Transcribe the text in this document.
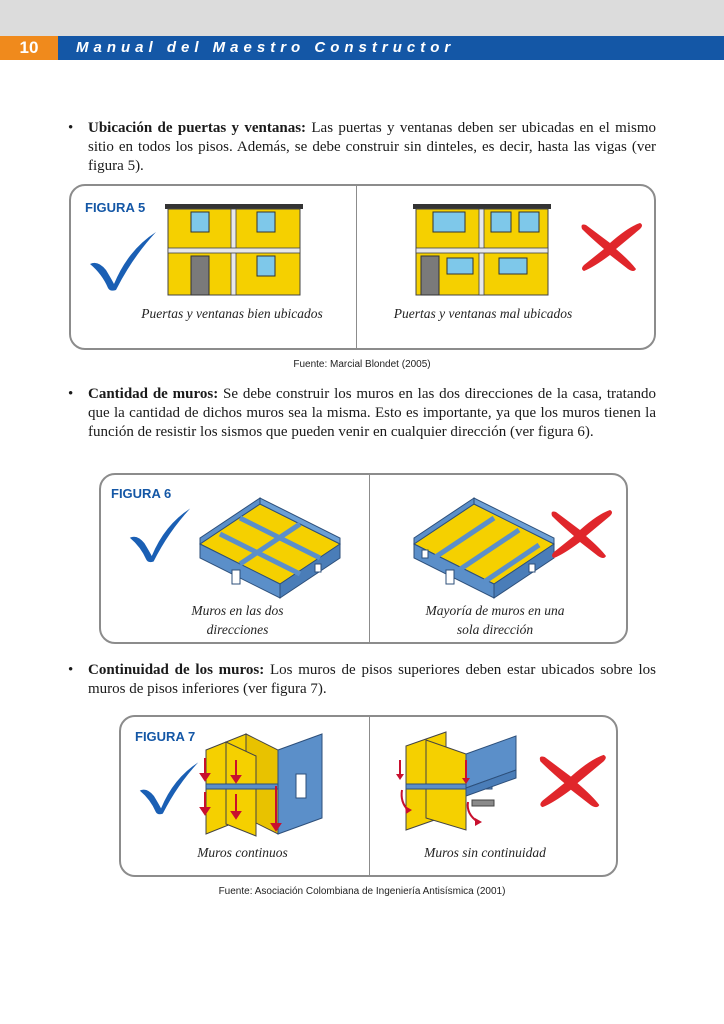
10	Manual del Maestro Constructor
• Ubicación de puertas y ventanas: Las puertas y ventanas deben ser ubicadas en el mismo sitio en todos los pisos. Además, se debe construir sin dinteles, es decir, hasta las vigas (ver figura 5).
FIGURA 5
Puertas y ventanas bien ubicados	Puertas y ventanas mal ubicados
Fuente: Marcial Blondet (2005)
• Cantidad de muros: Se debe construir los muros en las dos direcciones de la casa, tratando que la cantidad de dichos muros sea la misma. Esto es importante, ya que los muros tienen la función de resistir los sismos que pueden venir en cualquier dirección (ver figura 6).
FIGURA 6
Muros en las dos
direcciones
Mayoría de muros en una
sola dirección
• Continuidad de los muros: Los muros de pisos superiores deben estar ubicados sobre los muros de pisos inferiores (ver figura 7).
FIGURA 7
Muros continuos	Muros sin continuidad
Fuente: Asociación Colombiana de Ingeniería Antisísmica (2001)
